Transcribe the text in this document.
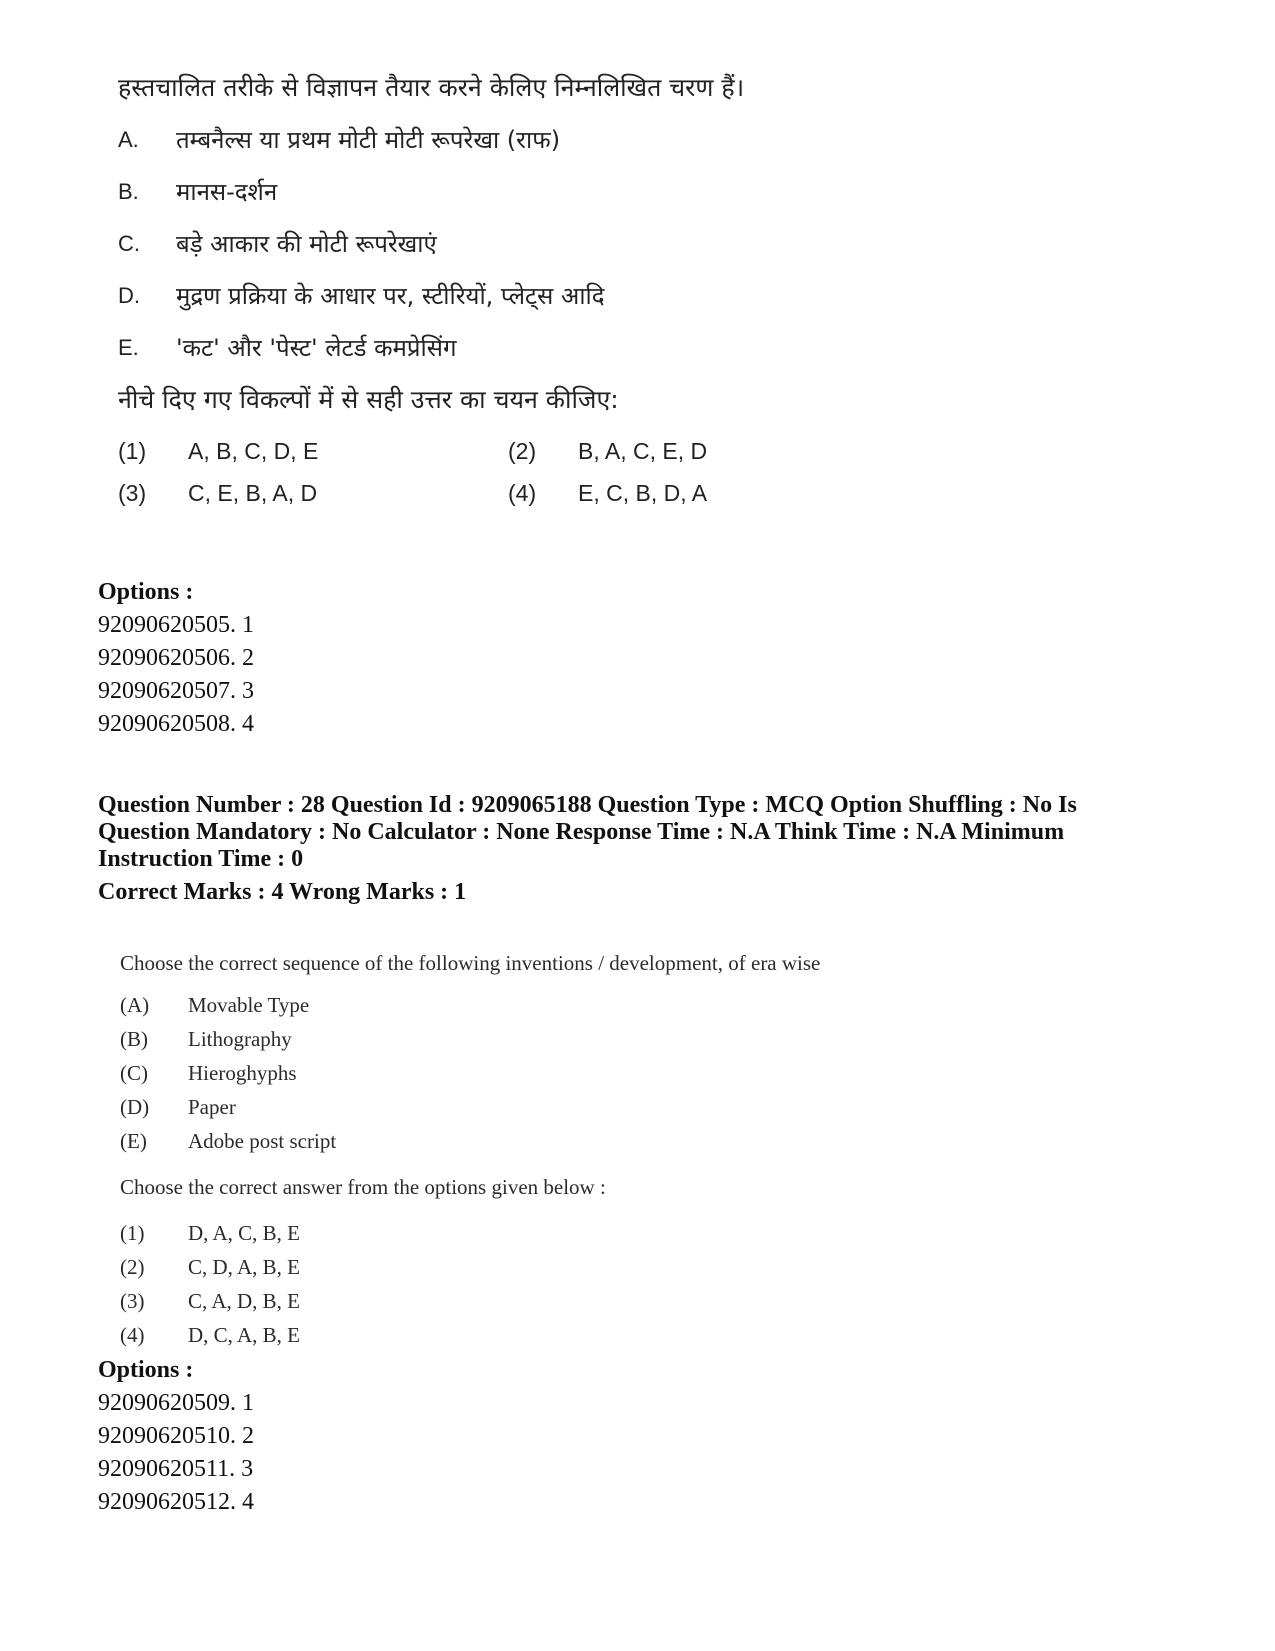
हस्तचालित तरीके से विज्ञापन तैयार करने केलिए निम्नलिखित चरण हैं।
A.	तम्बनैल्स या प्रथम मोटी मोटी रूपरेखा (राफ)
B.	मानस-दर्शन
C.	बड़े आकार की मोटी रूपरेखाएं
D.	मुद्रण प्रक्रिया के आधार पर, स्टीरियों, प्लेट्स आदि
E.	'कट' और 'पेस्ट' लेटर्ड कमप्रेसिंग
नीचे दिए गए विकल्पों में से सही उत्तर का चयन कीजिए:
(1)	A, B, C, D, E	(2)	B, A, C, E, D
(3)	C, E, B, A, D	(4)	E, C, B, D, A
Options :
92090620505. 1
92090620506. 2
92090620507. 3
92090620508. 4
Question Number : 28 Question Id : 9209065188 Question Type : MCQ Option Shuffling : No Is
Question Mandatory : No Calculator : None Response Time : N.A Think Time : N.A Minimum
Instruction Time : 0
Correct Marks : 4 Wrong Marks : 1
Choose the correct sequence of the following inventions / development, of era wise
(A)	Movable Type
(B)	Lithography
(C)	Hieroghyphs
(D)	Paper
(E)	Adobe post script
Choose the correct answer from the options given below :
(1)	D, A, C, B, E
(2)	C, D, A, B, E
(3)	C, A, D, B, E
(4)	D, C, A, B, E
Options :
92090620509. 1
92090620510. 2
92090620511. 3
92090620512. 4
